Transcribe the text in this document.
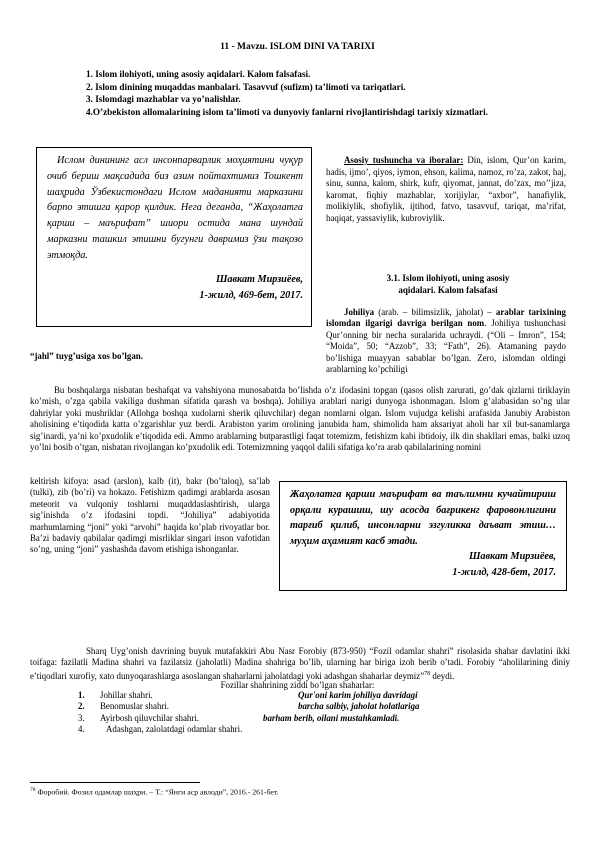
11 - Mavzu. ISLOM DINI VA TARIXI
1. Islom ilohiyoti, uning asosiy aqidalari. Kalom falsafasi.
2. Islom dinining muqaddas manbalari. Tasavvuf (sufizm) ta’limoti va tariqatlari.
3. Islomdagi mazhablar va yo’nalishlar.
4.O’zbekiston allomalarining islom ta’limoti va dunyoviy fanlarni rivojlantirishdagi tarixiy xizmatlari.
Ислом динининг асл инсонпарварлик моҳиятини чуқур очиб бериш мақсадида биз азим пойтахтимиз Тошкент шаҳрида Ўзбекистондаги Ислом маданияти марказини барпо этишга қарор қилдик. Нега деганда, “Жаҳолатга қарши – маърифат” шиори остида мана шундай марказни ташкил этишни бугунги давримиз ўзи тақозо этмоқда.
Шавкат Мирзиёев,
1-жилд, 469-бет, 2017.
Asosiy tushuncha va iboralar: Din, islom, Qur’on karim, hadis, ijmo’, qiyos, iymon, ehson, kalima, namoz, ro’za, zakot, haj, sinu, sunna, kalom, shirk, kufr, qiyomat, jannat, do’zax, mo’’jiza, karomat, fiqhiy mazhablar, xorijiylar, “axbor”, hanafiylik, molikiylik, shofiylik, ijtihod, fatvo, tasavvuf, tariqat, ma’rifat, haqiqat, yassaviylik, kubroviylik.
3.1. Islom ilohiyoti, uning asosiy
aqidalari. Kalom falsafasi
Johiliya (arab. – bilimsizlik, jaholat) – arablar tarixining islomdan ilgarigi davriga berilgan nom. Johiliya tushunchasi Qur’onning bir necha suralarida uchraydi. (“Oli – Imron”, 154; “Moida”, 50; “Azzob”, 33; “Fath”, 26). Atamaning paydo bo’lishiga muayyan sabablar bo’lgan. Zero, islomdan oldingi arablarning ko’pchiligi
“jahl” tuyg’usiga xos bo’lgan.
Bu boshqalarga nisbatan beshafqat va vahshiyona munosabatda bo’lishda o’z ifodasini topgan (qasos olish zarurati, go’dak qizlarni tiriklayin ko’mish, o’zga qabila vakiliga dushman sifatida qarash va boshqa). Johiliya arablari narigi dunyoga ishonmagan. Islom g’alabasidan so’ng ular dahriylar yoki mushriklar (Allohga boshqa xudolarni sherik qiluvchilar) degan nomlarni olgan. Islom vujudga kelishi arafasida Janubiy Arabiston aholisining e’tiqodida katta o’zgarishlar yuz berdi. Arabiston yarim orolining janubida ham, shimolida ham aksariyat aholi har xil but-sanamlarga sig’inardi, ya’ni ko’pxudolik e’tiqodida edi. Ammo arablarning butparastligi faqat totemizm, fetishizm kabi ibtidoiy, ilk din shakllari emas, balki uzoq yo’lni bosib o’tgan, nisbatan rivojlangan ko’pxudolik edi. Totemizmning yaqqol dalili sifatiga ko’ra arab qabilalarining nomini
keltirish kifoya: asad (arslon), kalb (it), bakr (bo’taloq), sa’lab (tulki), zib (bo’ri) va hokazo. Fetishizm qadimgi arablarda asosan meteorit va vulqoniy toshlarni muqaddaslashtirish, ularga sig’inishda o’z ifodasini topdi. “Johiliya” adabiyotida marhumlarning “joni” yoki “arvohi” haqida ko’plab rivoyatlar bor. Ba’zi badaviy qabilalar qadimgi misrliklar singari inson vafotidan so’ng, uning “joni” yashashda davom etishiga ishonganlar.
Жаҳолатга қарши маърифат ва таълимни кучайтириш орқали курашиш, шу асосда бағрикенг фаровонлигини тарғиб қилиб, инсонларни эзгуликка даъват этиш… муҳим аҳамият касб этади.
Шавкат Мирзиёев,
1-жилд, 428-бет, 2017.
Sharq Uyg’onish davrining buyuk mutafakkiri Abu Nasr Forobiy (873-950) “Fozil odamlar shahri” risolasida shahar davlatini ikki toifaga: fazilatli Madina shahri va fazilatsiz (jaholatli) Madina shahriga bo’lib, ularning har biriga izoh berib o’tadi. Forobiy “aholilarining diniy e’tiqodlari xurofiy, xato dunyoqarashlarga asoslangan shaharlarni jaholatdagi yoki adashgan shaharlar deymiz”$^{78}$ deydi.
Fozillar shahrining ziddi bo’lgan shaharlar:
1. Johillar shahri.	Qur'oni karim johiliya davridagi
2. Benomuslar shahri.	barcha salbiy, jaholat holatlariga
3. Ayirbosh qiluvchilar shahri.	barham berib, oilani mustahkamladi.
4. Adashgan, zalolatdagi odamlar shahri.
$^{78}$ Форобий. Фозил одамлар шаҳри. – Т.: “Янги аср авлоди”, 2016.- 261-бет.
